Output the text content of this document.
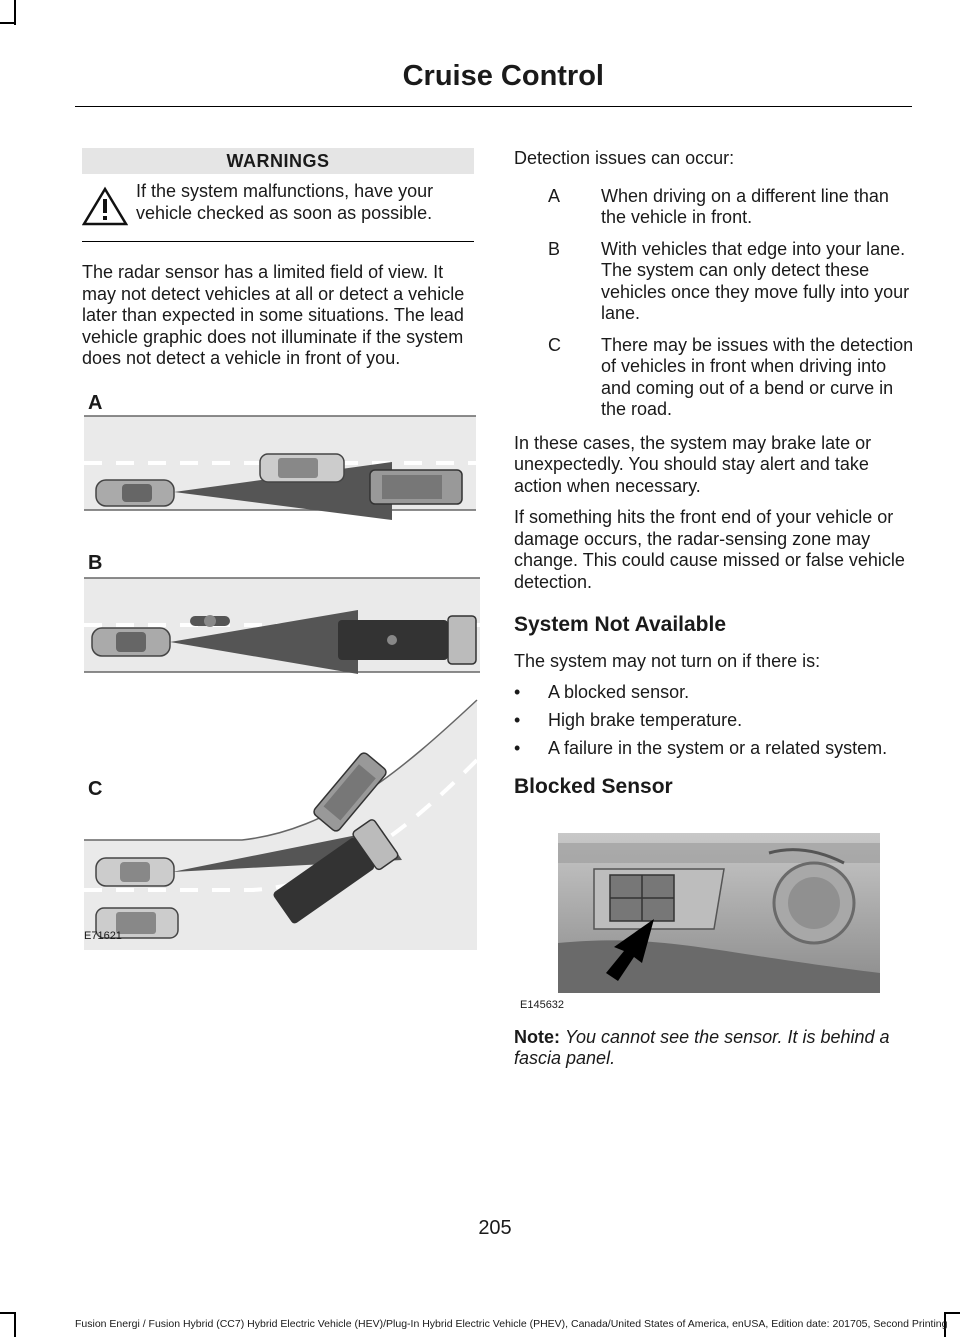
Cruise Control
WARNINGS

If the system malfunctions, have your vehicle checked as soon as possible.

The radar sensor has a limited field of view. It may not detect vehicles at all or detect a vehicle later than expected in some situations. The lead vehicle graphic does not illuminate if the system does not detect a vehicle in front of you.

A
B
C
E71621

Detection issues can occur:

A	When driving on a different line than the vehicle in front.
B	With vehicles that edge into your lane. The system can only detect these vehicles once they move fully into your lane.
C	There may be issues with the detection of vehicles in front when driving into and coming out of a bend or curve in the road.

In these cases, the system may brake late or unexpectedly. You should stay alert and take action when necessary.

If something hits the front end of your vehicle or damage occurs, the radar-sensing zone may change. This could cause missed or false vehicle detection.

System Not Available

The system may not turn on if there is:

•	A blocked sensor.
•	High brake temperature.
•	A failure in the system or a related system.
Blocked Sensor
E145632

Note: You cannot see the sensor. It is behind a fascia panel.

205
Fusion Energi / Fusion Hybrid (CC7) Hybrid Electric Vehicle (HEV)/Plug-In Hybrid Electric Vehicle (PHEV), Canada/United States of America, enUSA, Edition date: 201705, Second Printing
